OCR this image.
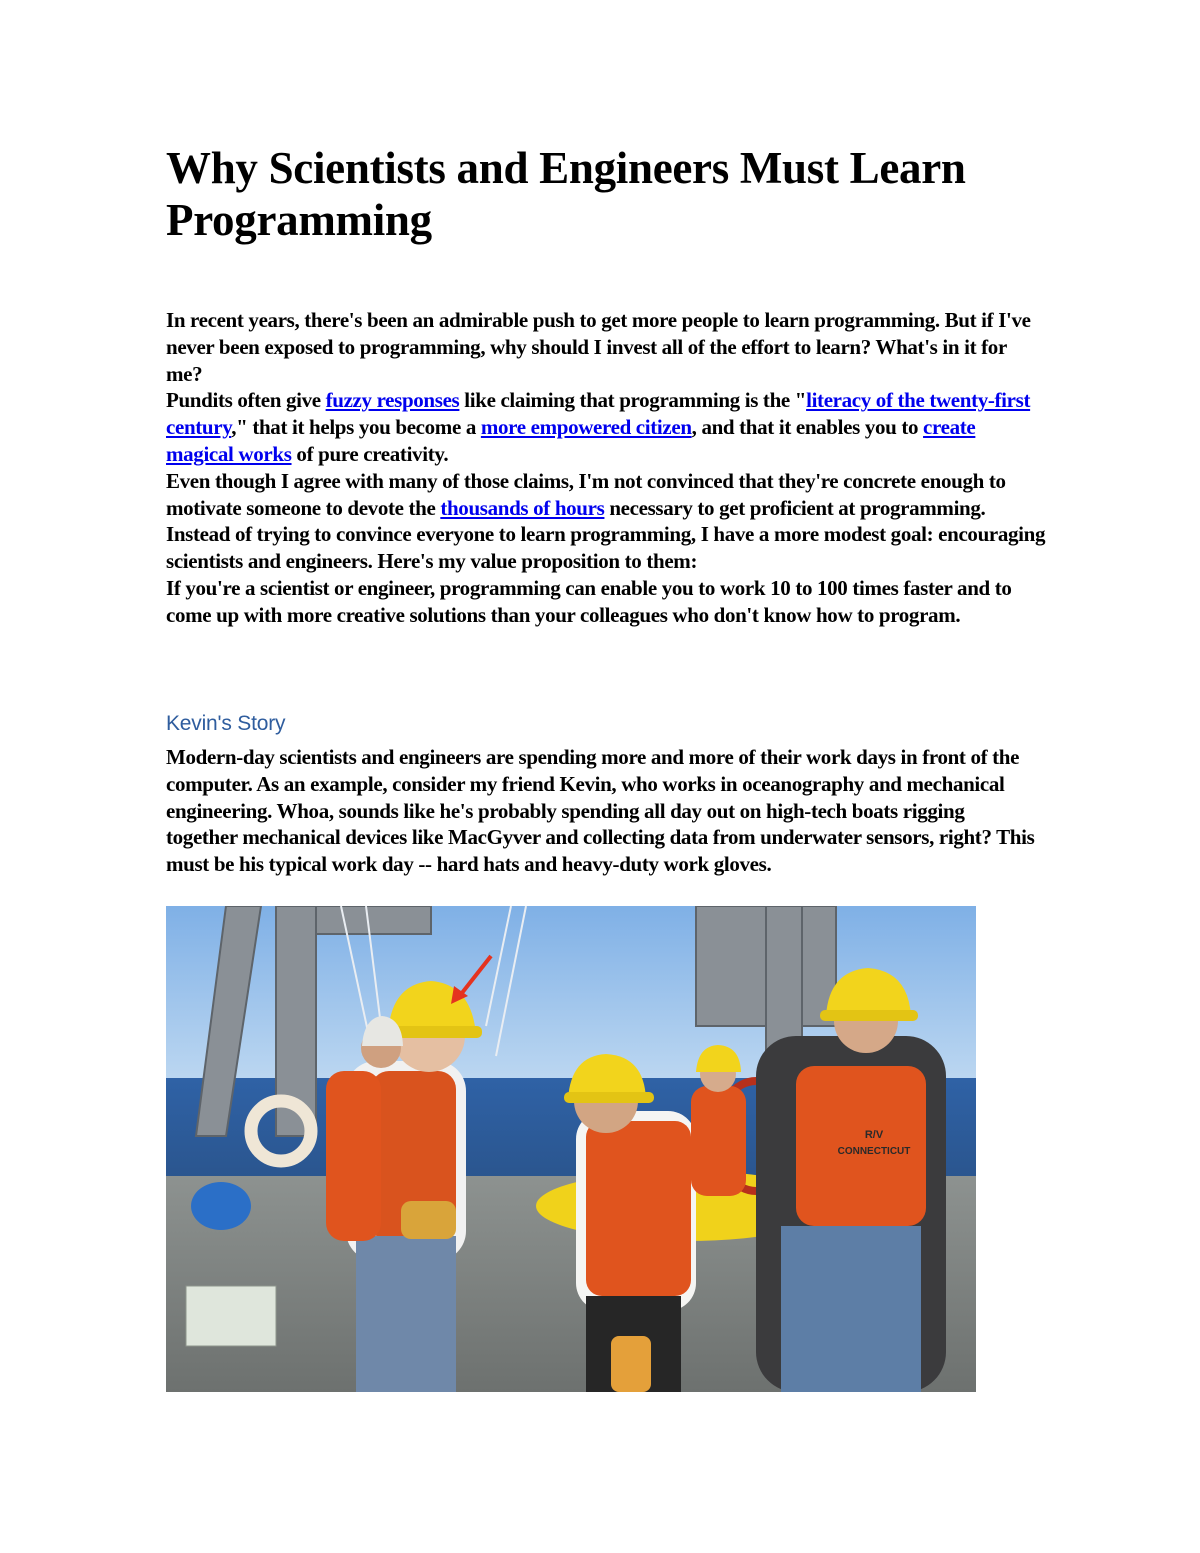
Why Scientists and Engineers Must Learn Programming

In recent years, there's been an admirable push to get more people to learn programming. But if I've never been exposed to programming, why should I invest all of the effort to learn? What's in it for me?

Pundits often give fuzzy responses like claiming that programming is the "literacy of the twenty-first century," that it helps you become a more empowered citizen, and that it enables you to create magical works of pure creativity.

Even though I agree with many of those claims, I'm not convinced that they're concrete enough to motivate someone to devote the thousands of hours necessary to get proficient at programming.

Instead of trying to convince everyone to learn programming, I have a more modest goal: encouraging scientists and engineers. Here's my value proposition to them:

If you're a scientist or engineer, programming can enable you to work 10 to 100 times faster and to come up with more creative solutions than your colleagues who don't know how to program.

Kevin's Story

Modern-day scientists and engineers are spending more and more of their work days in front of the computer. As an example, consider my friend Kevin, who works in oceanography and mechanical engineering. Whoa, sounds like he's probably spending all day out on high-tech boats rigging together mechanical devices like MacGyver and collecting data from underwater sensors, right? This must be his typical work day -- hard hats and heavy-duty work gloves.

R/V
CONNECTICUT
